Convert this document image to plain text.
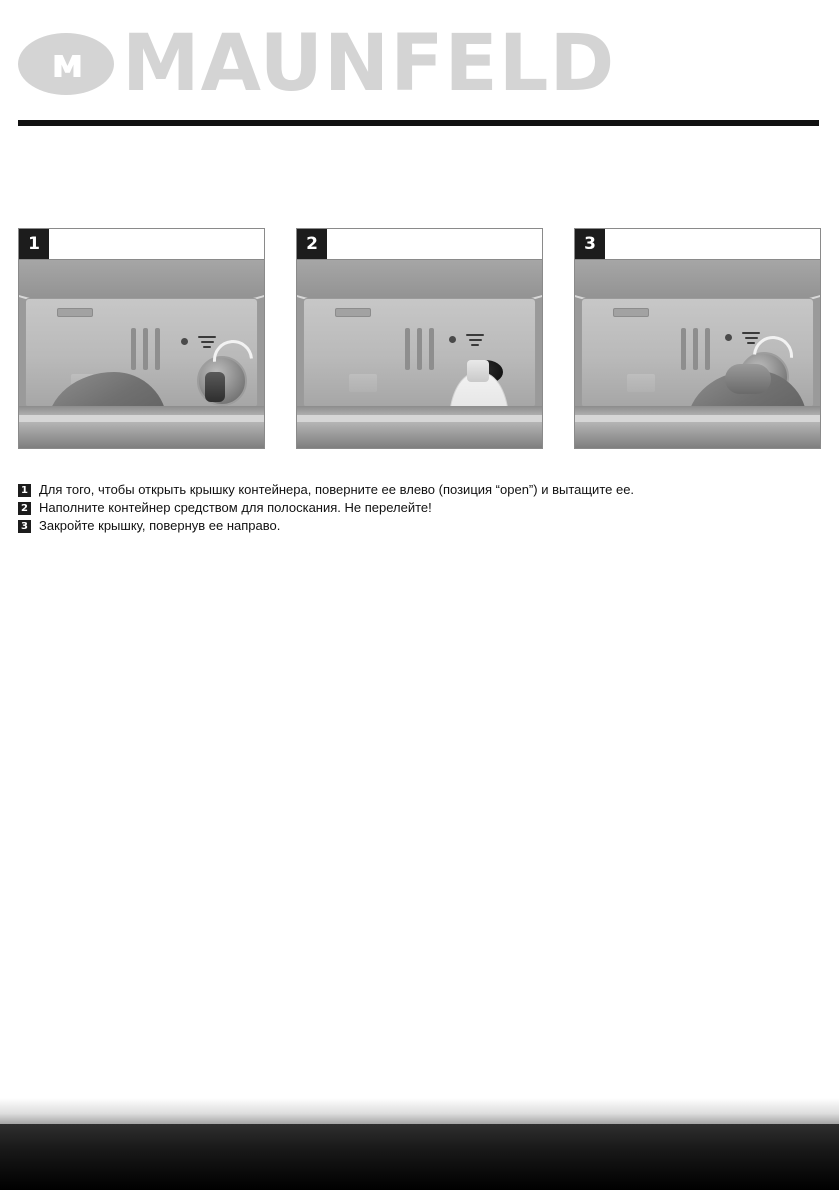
м MAUNFELD
1	2	3
1 Для того, чтобы открыть крышку контейнера, поверните ее влево (позиция “open”) и вытащите ее.
2 Наполните контейнер средством для полоскания. Не перелейте!
3 Закройте крышку, повернув ее направо.
